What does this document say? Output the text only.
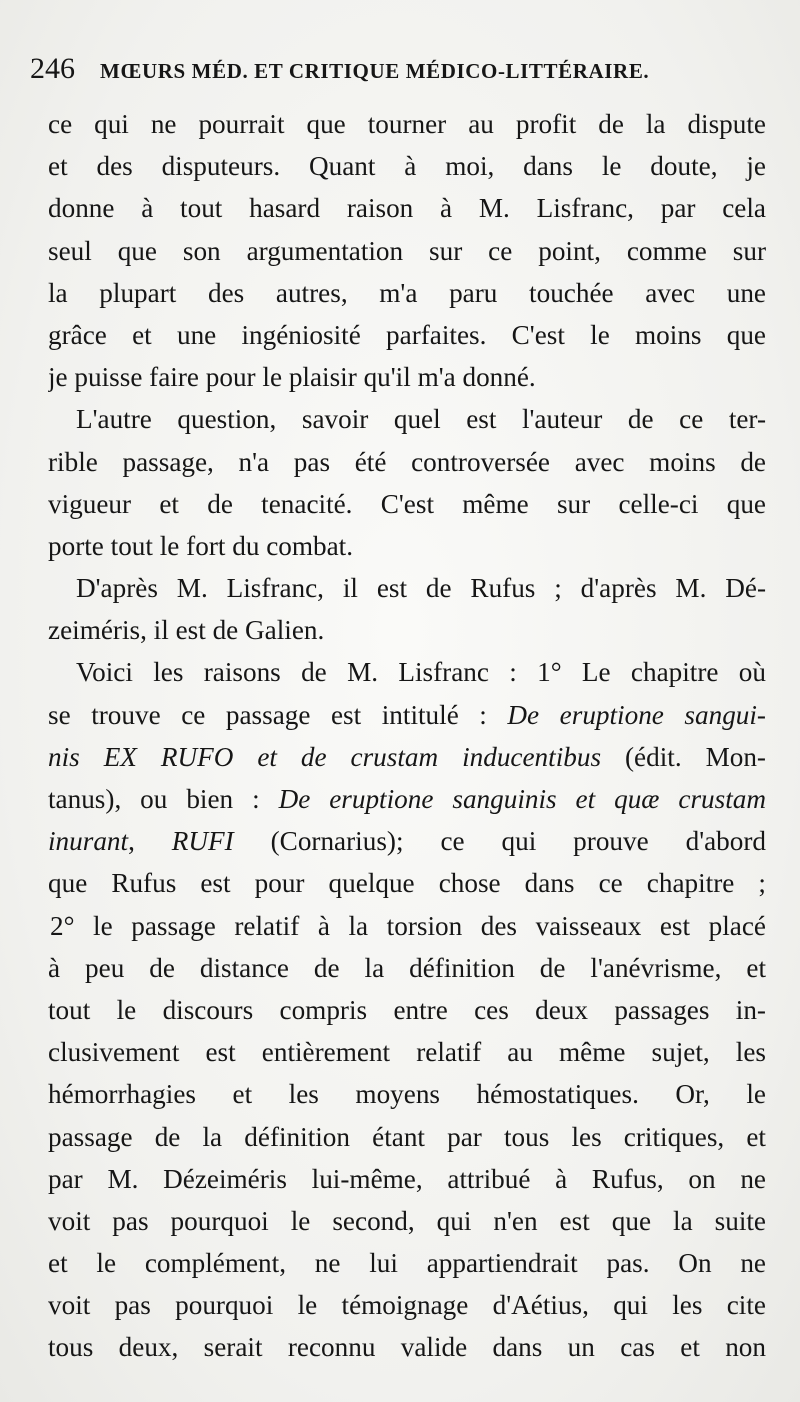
246	MŒURS MÉD. ET CRITIQUE MÉDICO-LITTÉRAIRE.
ce qui ne pourrait que tourner au profit de la dispute
et des disputeurs. Quant à moi, dans le doute, je
donne à tout hasard raison à M. Lisfranc, par cela
seul que son argumentation sur ce point, comme sur
la plupart des autres, m'a paru touchée avec une
grâce et une ingéniosité parfaites. C'est le moins que
je puisse faire pour le plaisir qu'il m'a donné.
L'autre question, savoir quel est l'auteur de ce ter-
rible passage, n'a pas été controversée avec moins de
vigueur et de tenacité. C'est même sur celle-ci que
porte tout le fort du combat.
D'après M. Lisfranc, il est de Rufus ; d'après M. Dé-
zeiméris, il est de Galien.
Voici les raisons de M. Lisfranc : 1° Le chapitre où
se trouve ce passage est intitulé : De eruptione sangui-
nis EX RUFO et de crustam inducentibus (édit. Mon-
tanus), ou bien : De eruptione sanguinis et quæ crustam
inurant, RUFI (Cornarius); ce qui prouve d'abord
que Rufus est pour quelque chose dans ce chapitre ;
2° le passage relatif à la torsion des vaisseaux est placé
à peu de distance de la définition de l'anévrisme, et
tout le discours compris entre ces deux passages in-
clusivement est entièrement relatif au même sujet, les
hémorrhagies et les moyens hémostatiques. Or, le
passage de la définition étant par tous les critiques, et
par M. Dézeiméris lui-même, attribué à Rufus, on ne
voit pas pourquoi le second, qui n'en est que la suite
et le complément, ne lui appartiendrait pas. On ne
voit pas pourquoi le témoignage d'Aétius, qui les cite
tous deux, serait reconnu valide dans un cas et non
